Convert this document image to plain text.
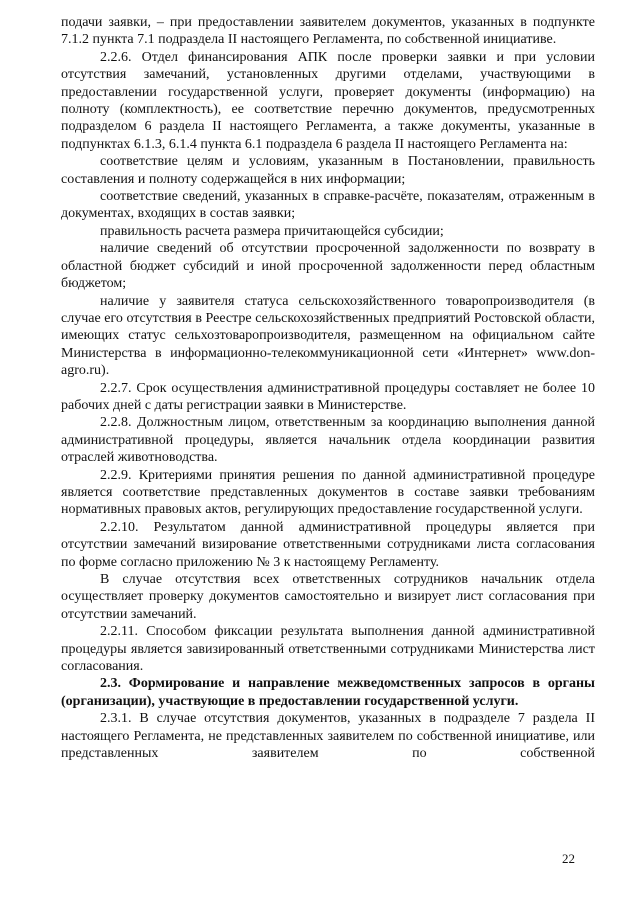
подачи заявки, – при предоставлении заявителем документов, указанных в подпункте 7.1.2 пункта 7.1 подраздела II настоящего Регламента, по собственной инициативе.

2.2.6. Отдел финансирования АПК после проверки заявки и при условии отсутствия замечаний, установленных другими отделами, участвующими в предоставлении государственной услуги, проверяет документы (информацию) на полноту (комплектность), ее соответствие перечню документов, предусмотренных подразделом 6 раздела II настоящего Регламента, а также документы, указанные в подпунктах 6.1.3, 6.1.4 пункта 6.1 подраздела 6 раздела II настоящего Регламента на:

соответствие целям и условиям, указанным в Постановлении, правильность составления и полноту содержащейся в них информации;

соответствие сведений, указанных в справке-расчёте, показателям, отраженным в документах, входящих в состав заявки;

правильность расчета размера причитающейся субсидии;

наличие сведений об отсутствии просроченной задолженности по возврату в областной бюджет субсидий и иной просроченной задолженности перед областным бюджетом;

наличие у заявителя статуса сельскохозяйственного товаропроизводителя (в случае его отсутствия в Реестре сельскохозяйственных предприятий Ростовской области, имеющих статус сельхозтоваропроизводителя, размещенном на официальном сайте Министерства в информационно-телекоммуникационной сети «Интернет» www.don-agro.ru).

2.2.7. Срок осуществления административной процедуры составляет не более 10 рабочих дней с даты регистрации заявки в Министерстве.

2.2.8. Должностным лицом, ответственным за координацию выполнения данной административной процедуры, является начальник отдела координации развития отраслей животноводства.

2.2.9. Критериями принятия решения по данной административной процедуре является соответствие представленных документов в составе заявки требованиям нормативных правовых актов, регулирующих предоставление государственной услуги.

2.2.10. Результатом данной административной процедуры является при отсутствии замечаний визирование ответственными сотрудниками листа согласования по форме согласно приложению № 3 к настоящему Регламенту.

В случае отсутствия всех ответственных сотрудников начальник отдела осуществляет проверку документов самостоятельно и визирует лист согласования при отсутствии замечаний.

2.2.11. Способом фиксации результата выполнения данной административной процедуры является завизированный ответственными сотрудниками Министерства лист согласования.

2.3. Формирование и направление межведомственных запросов в органы (организации), участвующие в предоставлении государственной услуги.

2.3.1. В случае отсутствия документов, указанных в подразделе 7 раздела II настоящего Регламента, не представленных заявителем по собственной инициативе, или представленных заявителем по собственной

22
